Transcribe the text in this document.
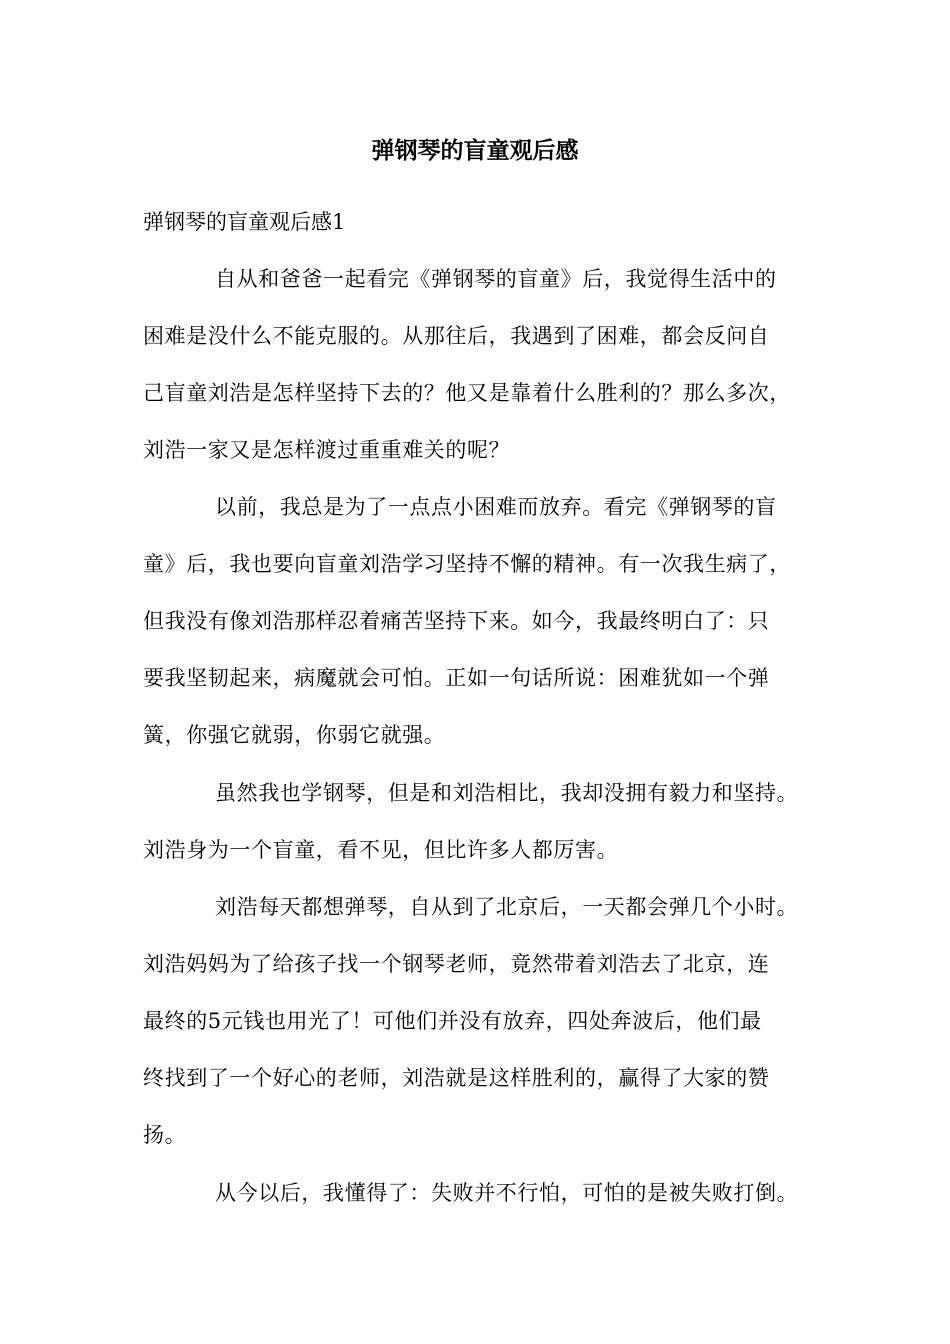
弹钢琴的盲童观后感

弹钢琴的盲童观后感1

自从和爸爸一起看完《弹钢琴的盲童》后，我觉得生活中的

困难是没什么不能克服的。从那往后，我遇到了困难，都会反问自

己盲童刘浩是怎样坚持下去的？他又是靠着什么胜利的？那么多次，

刘浩一家又是怎样渡过重重难关的呢？

以前，我总是为了一点点小困难而放弃。看完《弹钢琴的盲

童》后，我也要向盲童刘浩学习坚持不懈的精神。有一次我生病了，

但我没有像刘浩那样忍着痛苦坚持下来。如今，我最终明白了：只

要我坚韧起来，病魔就会可怕。正如一句话所说：困难犹如一个弹

簧，你强它就弱，你弱它就强。

虽然我也学钢琴，但是和刘浩相比，我却没拥有毅力和坚持。

刘浩身为一个盲童，看不见，但比许多人都厉害。

刘浩每天都想弹琴，自从到了北京后，一天都会弹几个小时。

刘浩妈妈为了给孩子找一个钢琴老师，竟然带着刘浩去了北京，连

最终的5元钱也用光了！可他们并没有放弃，四处奔波后，他们最

终找到了一个好心的老师，刘浩就是这样胜利的，赢得了大家的赞

扬。

从今以后，我懂得了：失败并不行怕，可怕的是被失败打倒。
